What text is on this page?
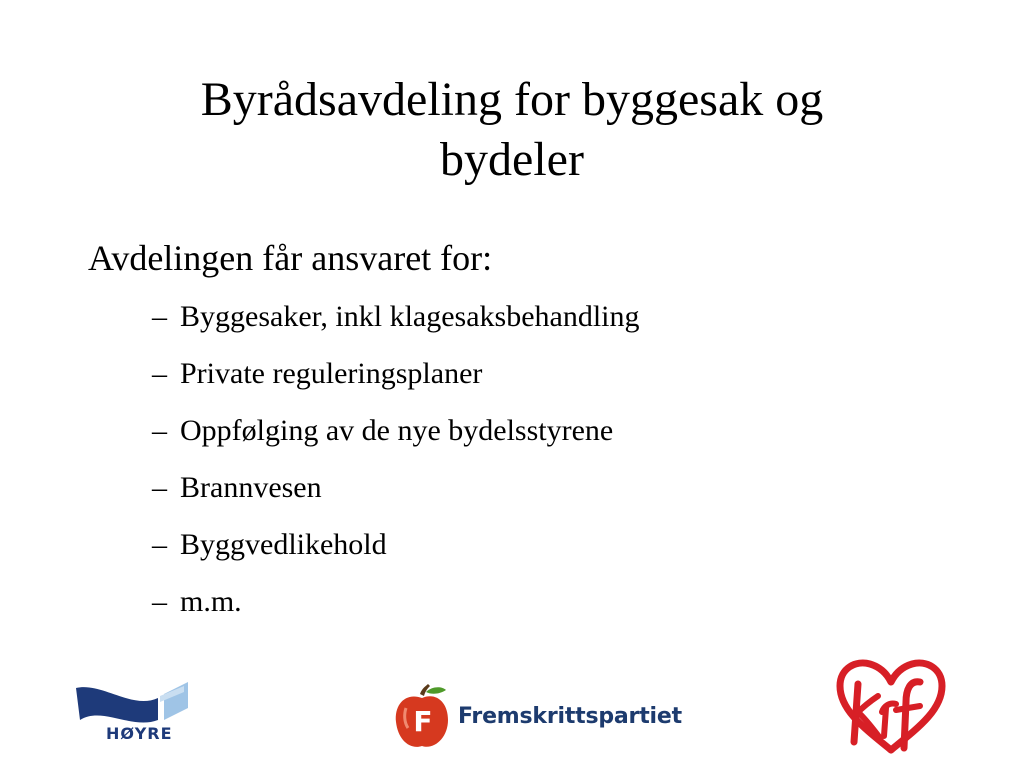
Byrådsavdeling for byggesak og
bydeler

Avdelingen får ansvaret for:

– Byggesaker, inkl klagesaksbehandling
– Private reguleringsplaner
– Oppfølging av de nye bydelsstyrene
– Brannvesen
– Byggvedlikehold
– m.m.
HØYRE	F Fremskrittspartiet
